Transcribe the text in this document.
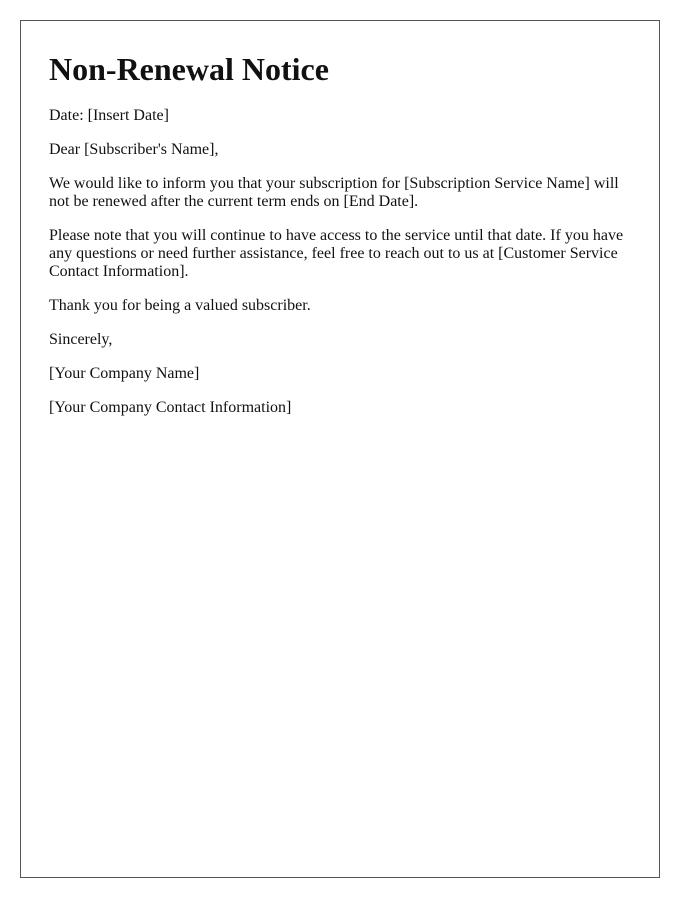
Non-Renewal Notice

Date: [Insert Date]

Dear [Subscriber's Name],

We would like to inform you that your subscription for [Subscription Service Name] will not be renewed after the current term ends on [End Date].

Please note that you will continue to have access to the service until that date. If you have any questions or need further assistance, feel free to reach out to us at [Customer Service Contact Information].

Thank you for being a valued subscriber.

Sincerely,

[Your Company Name]

[Your Company Contact Information]
